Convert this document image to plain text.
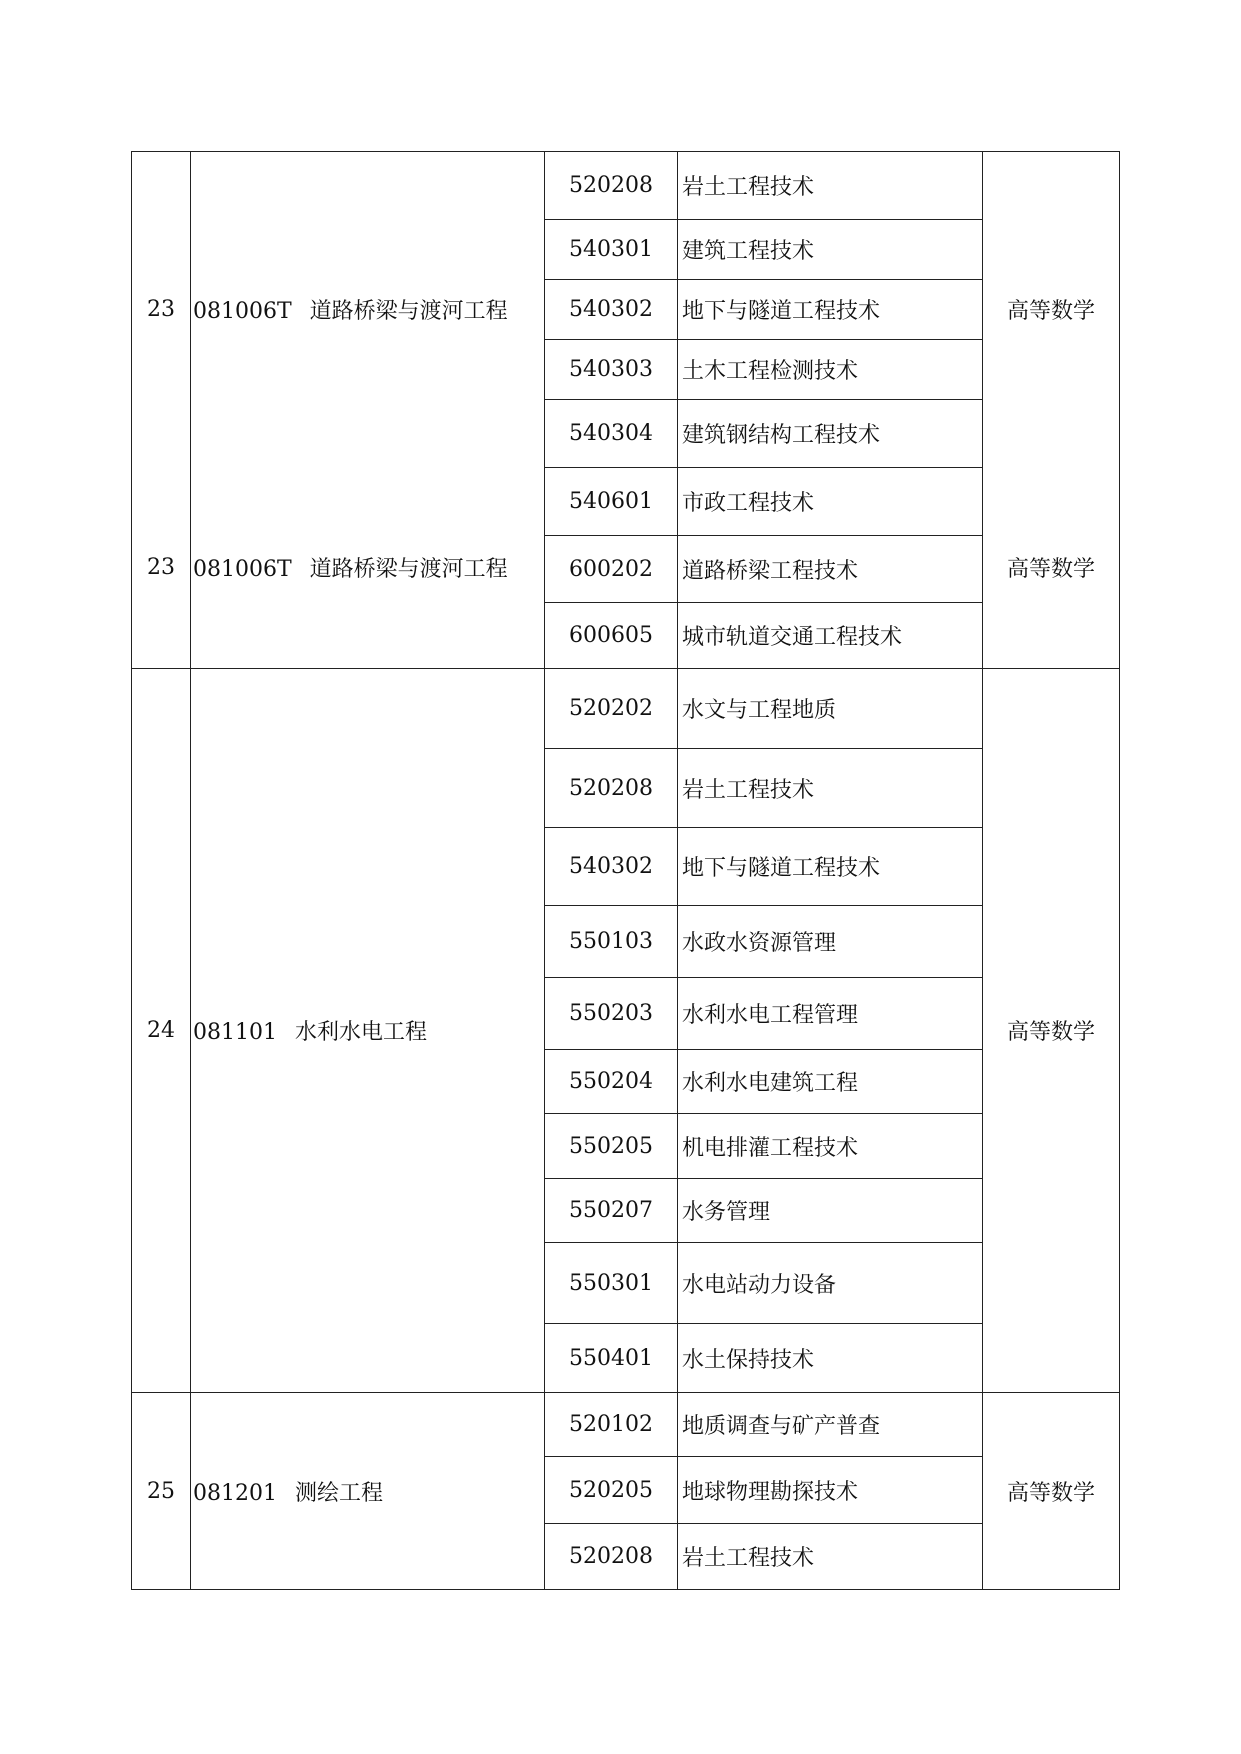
23	081006T 道路桥梁与渡河工程	520208	岩土工程技术	高等数学
		540301	建筑工程技术	
		540302	地下与隧道工程技术	
		540303	土木工程检测技术	
		540304	建筑钢结构工程技术	
23	081006T 道路桥梁与渡河工程	540601	市政工程技术	高等数学
		600202	道路桥梁工程技术	
		600605	城市轨道交通工程技术	
24	081101 水利水电工程	520202	水文与工程地质	高等数学
		520208	岩土工程技术	
		540302	地下与隧道工程技术	
		550103	水政水资源管理	
		550203	水利水电工程管理	
		550204	水利水电建筑工程	
		550205	机电排灌工程技术	
		550207	水务管理	
		550301	水电站动力设备	
		550401	水土保持技术	
25	081201 测绘工程	520102	地质调查与矿产普查	高等数学
		520205	地球物理勘探技术	
		520208	岩土工程技术	
